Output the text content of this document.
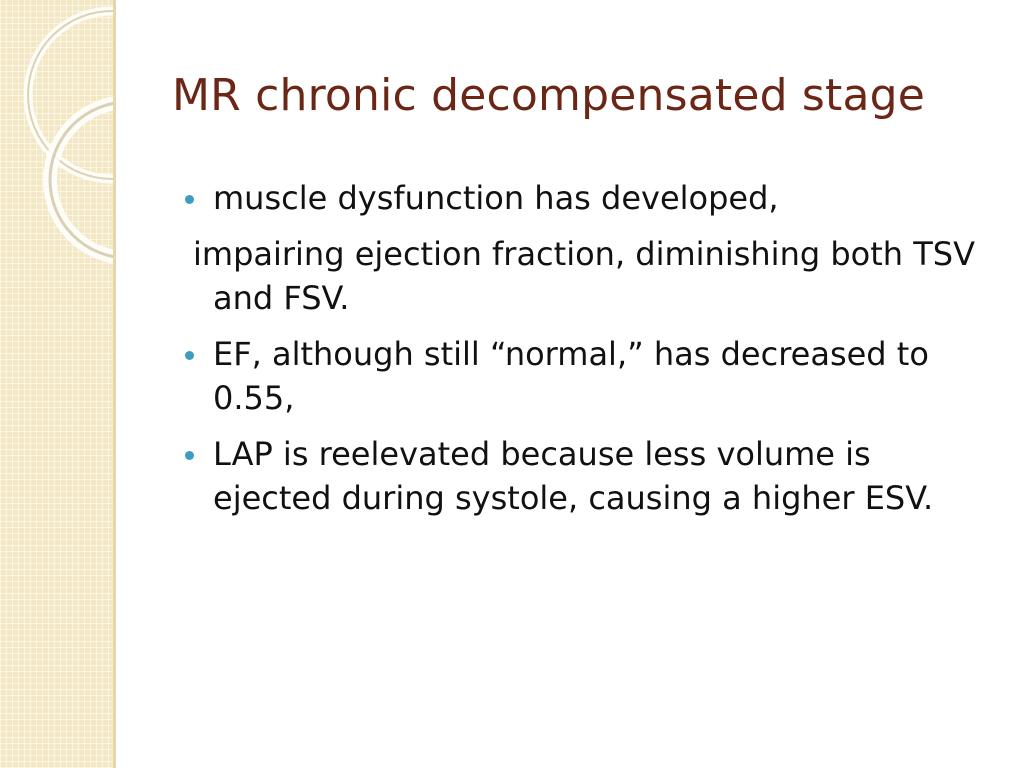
MR chronic decompensated stage
muscle dysfunction has developed,
impairing ejection fraction, diminishing both TSV and FSV.
EF, although still “normal,” has decreased to 0.55,
LAP is reelevated because less volume is ejected during systole, causing a higher ESV.
